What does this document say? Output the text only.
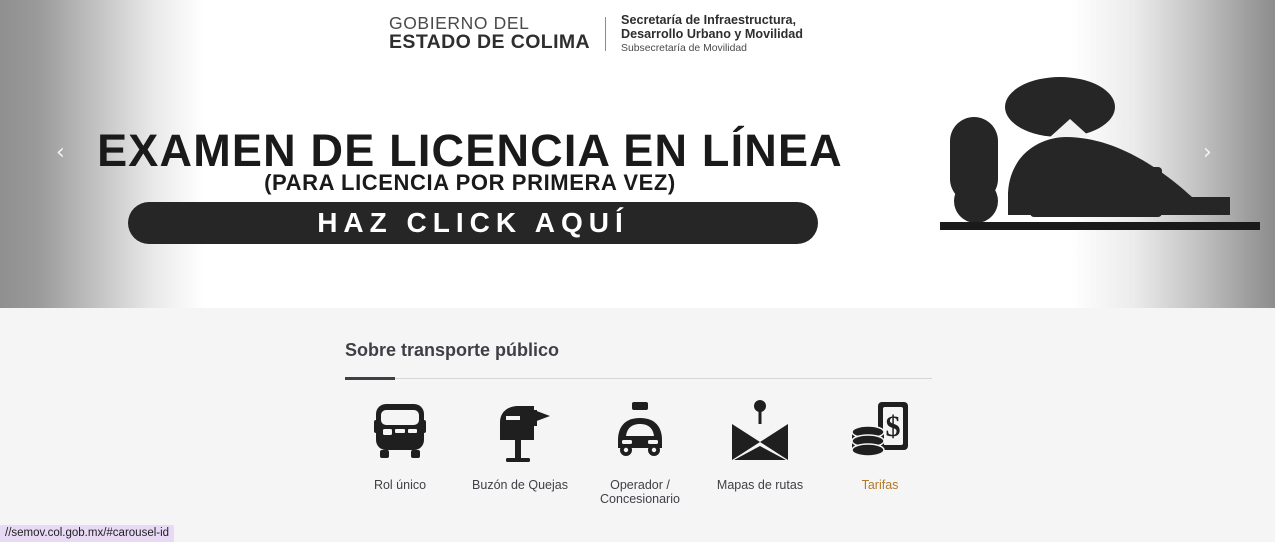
GOBIERNO DEL
ESTADO DE COLIMA
Secretaría de Infraestructura,
Desarrollo Urbano y Movilidad
Subsecretaría de Movilidad
EXAMEN DE LICENCIA EN LÍNEA
(PARA LICENCIA POR PRIMERA VEZ)
HAZ CLICK AQUÍ
‹	›
Sobre transporte público
Rol único	Buzón de Quejas	Operador / Concesionario
Mapas de rutas
$
Tarifas
//semov.col.gob.mx/#carousel-id
